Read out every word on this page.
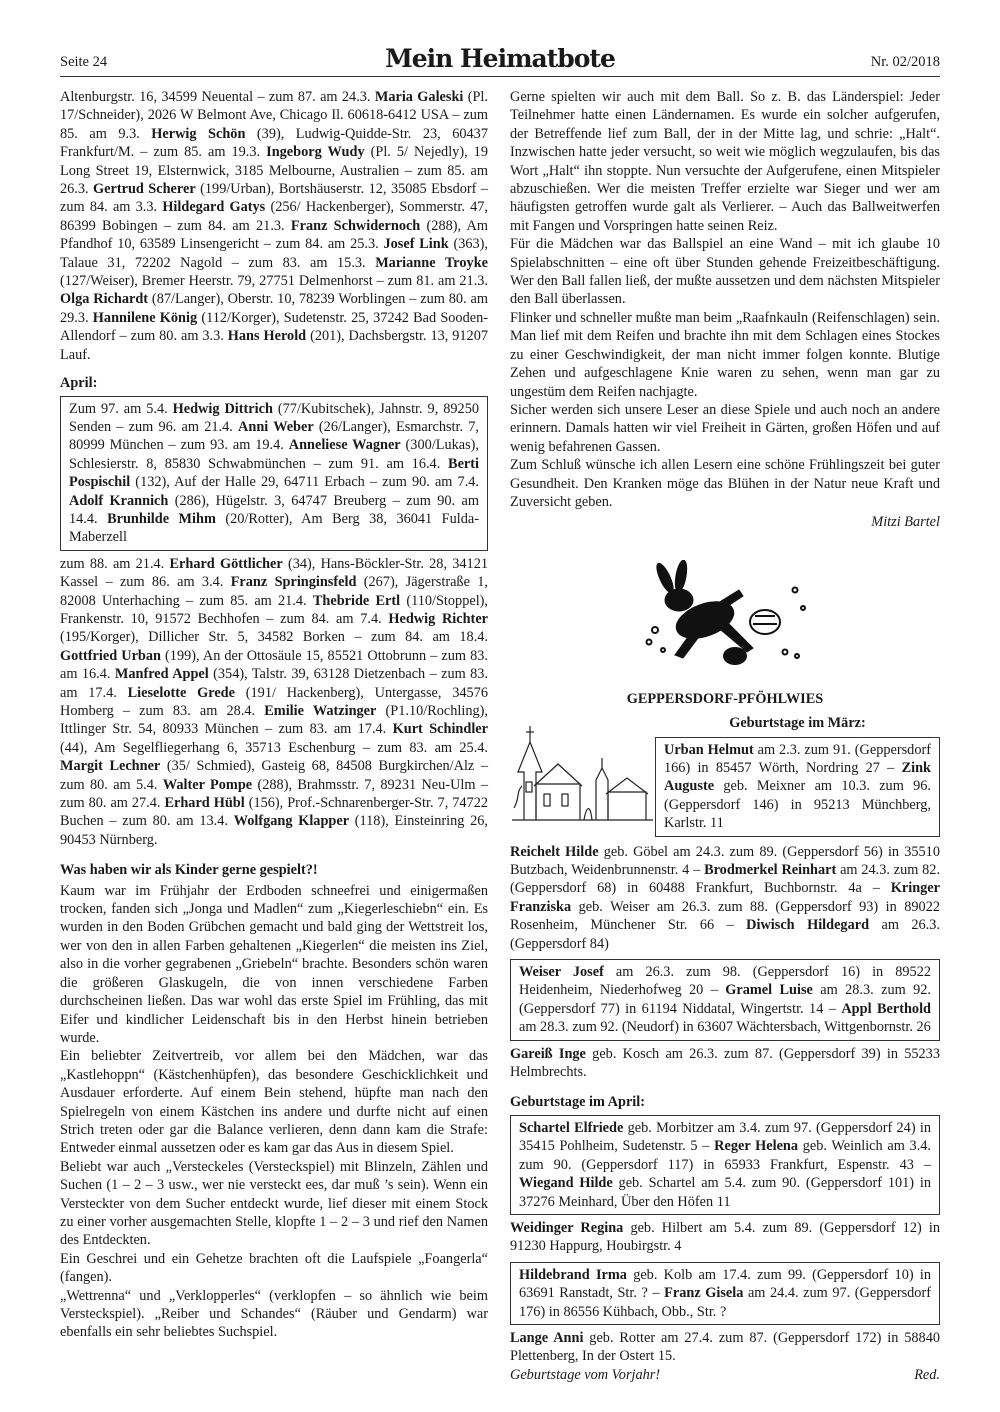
Seite 24	Mein Heimatbote	Nr. 02/2018

Altenburgstr. 16, 34599 Neuental – zum 87. am 24.3. Maria Galeski (Pl. 17/Schneider), 2026 W Belmont Ave, Chicago Il. 60618-6412 USA – zum 85. am 9.3. Herwig Schön (39), Ludwig-Quidde-Str. 23, 60437 Frankfurt/M. – zum 85. am 19.3. Ingeborg Wudy (Pl. 5/ Nejedly), 19 Long Street 19, Elsternwick, 3185 Melbourne, Australien – zum 85. am 26.3. Gertrud Scherer (199/Urban), Bortshäuserstr. 12, 35085 Ebsdorf – zum 84. am 3.3. Hildegard Gatys (256/ Hackenberger), Sommerstr. 47, 86399 Bobingen – zum 84. am 21.3. Franz Schwidernoch (288), Am Pfandhof 10, 63589 Linsengericht – zum 84. am 25.3. Josef Link (363), Talaue 31, 72202 Nagold – zum 83. am 15.3. Marianne Troyke (127/Weiser), Bremer Heerstr. 79, 27751 Delmenhorst – zum 81. am 21.3. Olga Richardt (87/Langer), Oberstr. 10, 78239 Worblingen – zum 80. am 29.3. Hannilene König (112/Korger), Sudetenstr. 25, 37242 Bad Sooden-Allendorf – zum 80. am 3.3. Hans Herold (201), Dachsbergstr. 13, 91207 Lauf.

April:

Zum 97. am 5.4. Hedwig Dittrich (77/Kubitschek), Jahnstr. 9, 89250 Senden – zum 96. am 21.4. Anni Weber (26/Langer), Esmarchstr. 7, 80999 München – zum 93. am 19.4. Anneliese Wagner (300/Lukas), Schlesierstr. 8, 85830 Schwabmünchen – zum 91. am 16.4. Berti Pospischil (132), Auf der Halle 29, 64711 Erbach – zum 90. am 7.4. Adolf Krannich (286), Hügelstr. 3, 64747 Breuberg – zum 90. am 14.4. Brunhilde Mihm (20/Rotter), Am Berg 38, 36041 Fulda-Maberzell

zum 88. am 21.4. Erhard Göttlicher (34), Hans-Böckler-Str. 28, 34121 Kassel – zum 86. am 3.4. Franz Springinsfeld (267), Jägerstraße 1, 82008 Unterhaching – zum 85. am 21.4. Thebride Ertl (110/Stoppel), Frankenstr. 10, 91572 Bechhofen – zum 84. am 7.4. Hedwig Richter (195/Korger), Dillicher Str. 5, 34582 Borken – zum 84. am 18.4. Gottfried Urban (199), An der Ottosäule 15, 85521 Ottobrunn – zum 83. am 16.4. Manfred Appel (354), Talstr. 39, 63128 Dietzenbach – zum 83. am 17.4. Lieselotte Grede (191/ Hackenberg), Untergasse, 34576 Homberg – zum 83. am 28.4. Emilie Watzinger (P1.10/Rochling), Ittlinger Str. 54, 80933 München – zum 83. am 17.4. Kurt Schindler (44), Am Segelfliegerhang 6, 35713 Eschenburg – zum 83. am 25.4. Margit Lechner (35/ Schmied), Gasteig 68, 84508 Burgkirchen/Alz – zum 80. am 5.4. Walter Pompe (288), Brahmsstr. 7, 89231 Neu-Ulm – zum 80. am 27.4. Erhard Hübl (156), Prof.-Schnarenberger-Str. 7, 74722 Buchen – zum 80. am 13.4. Wolfgang Klapper (118), Einsteinring 26, 90453 Nürnberg.

Was haben wir als Kinder gerne gespielt?!

Kaum war im Frühjahr der Erdboden schneefrei und einigermaßen trocken, fanden sich „Jonga und Madlen“ zum „Kiegerleschiebn“ ein. Es wurden in den Boden Grübchen gemacht und bald ging der Wettstreit los, wer von den in allen Farben gehaltenen „Kiegerlen“ die meisten ins Ziel, also in die vorher gegrabenen „Griebeln“ brachte. Besonders schön waren die größeren Glaskugeln, die von innen verschiedene Farben durchscheinen ließen. Das war wohl das erste Spiel im Frühling, das mit Eifer und kindlicher Leidenschaft bis in den Herbst hinein betrieben wurde.

Ein beliebter Zeitvertreib, vor allem bei den Mädchen, war das „Kastlehoppn“ (Kästchenhüpfen), das besondere Geschicklichkeit und Ausdauer erforderte. Auf einem Bein stehend, hüpfte man nach den Spielregeln von einem Kästchen ins andere und durfte nicht auf einen Strich treten oder gar die Balance verlieren, denn dann kam die Strafe: Entweder einmal aussetzen oder es kam gar das Aus in diesem Spiel.

Beliebt war auch „Versteckeles (Versteckspiel) mit Blinzeln, Zählen und Suchen (1 – 2 – 3 usw., wer nie versteckt ees, dar muß ’s sein). Wenn ein Versteckter von dem Sucher entdeckt wurde, lief dieser mit einem Stock zu einer vorher ausgemachten Stelle, klopfte 1 – 2 – 3 und rief den Namen des Entdeckten.

Ein Geschrei und ein Gehetze brachten oft die Laufspiele „Foangerla“ (fangen).

„Wettrenna“ und „Verklopperles“ (verklopfen – so ähnlich wie beim Versteckspiel). „Reiber und Schandes“ (Räuber und Gendarm) war ebenfalls ein sehr beliebtes Suchspiel.

Gerne spielten wir auch mit dem Ball. So z. B. das Länderspiel: Jeder Teilnehmer hatte einen Ländernamen. Es wurde ein solcher aufgerufen, der Betreffende lief zum Ball, der in der Mitte lag, und schrie: „Halt“. Inzwischen hatte jeder versucht, so weit wie möglich wegzulaufen, bis das Wort „Halt“ ihn stoppte. Nun versuchte der Aufgerufene, einen Mitspieler abzuschießen. Wer die meisten Treffer erzielte war Sieger und wer am häufigsten getroffen wurde galt als Verlierer. – Auch das Ballweitwerfen mit Fangen und Vorspringen hatte seinen Reiz.

Für die Mädchen war das Ballspiel an eine Wand – mit ich glaube 10 Spielabschnitten – eine oft über Stunden gehende Freizeitbeschäftigung. Wer den Ball fallen ließ, der mußte aussetzen und dem nächsten Mitspieler den Ball überlassen.

Flinker und schneller mußte man beim „Raafnkauln (Reifenschlagen) sein. Man lief mit dem Reifen und brachte ihn mit dem Schlagen eines Stockes zu einer Geschwindigkeit, der man nicht immer folgen konnte. Blutige Zehen und aufgeschlagene Knie waren zu sehen, wenn man gar zu ungestüm dem Reifen nachjagte.

Sicher werden sich unsere Leser an diese Spiele und auch noch an andere erinnern. Damals hatten wir viel Freiheit in Gärten, großen Höfen und auf wenig befahrenen Gassen.

Zum Schluß wünsche ich allen Lesern eine schöne Frühlingszeit bei guter Gesundheit. Den Kranken möge das Blühen in der Natur neue Kraft und Zuversicht geben.

Mitzi Bartel
GEPPERSDORF-PFÖHLWIES
Geburtstage im März:

Urban Helmut am 2.3. zum 91. (Geppersdorf 166) in 85457 Wörth, Nordring 27 – Zink Auguste geb. Meixner am 10.3. zum 96. (Geppersdorf 146) in 95213 Münchberg, Karlstr. 11

Reichelt Hilde geb. Göbel am 24.3. zum 89. (Geppersdorf 56) in 35510 Butzbach, Weidenbrunnenstr. 4 – Brodmerkel Reinhart am 24.3. zum 82. (Geppersdorf 68) in 60488 Frankfurt, Buchbornstr. 4a – Kringer Franziska geb. Weiser am 26.3. zum 88. (Geppersdorf 93) in 89022 Rosenheim, Münchener Str. 66 – Diwisch Hildegard am 26.3. (Geppersdorf 84)

Weiser Josef am 26.3. zum 98. (Geppersdorf 16) in 89522 Heidenheim, Niederhofweg 20 – Gramel Luise am 28.3. zum 92. (Geppersdorf 77) in 61194 Niddatal, Wingertstr. 14 – Appl Berthold am 28.3. zum 92. (Neudorf) in 63607 Wächtersbach, Wittgenbornstr. 26

Gareiß Inge geb. Kosch am 26.3. zum 87. (Geppersdorf 39) in 55233 Helmbrechts.

Geburtstage im April:

Schartel Elfriede geb. Morbitzer am 3.4. zum 97. (Geppersdorf 24) in 35415 Pohlheim, Sudetenstr. 5 – Reger Helena geb. Weinlich am 3.4. zum 90. (Geppersdorf 117) in 65933 Frankfurt, Espenstr. 43 – Wiegand Hilde geb. Schartel am 5.4. zum 90. (Geppersdorf 101) in 37276 Meinhard, Über den Höfen 11

Weidinger Regina geb. Hilbert am 5.4. zum 89. (Geppersdorf 12) in 91230 Happurg, Houbirgstr. 4

Hildebrand Irma geb. Kolb am 17.4. zum 99. (Geppersdorf 10) in 63691 Ranstadt, Str. ? – Franz Gisela am 24.4. zum 97. (Geppersdorf 176) in 86556 Kühbach, Obb., Str. ?

Lange Anni geb. Rotter am 27.4. zum 87. (Geppersdorf 172) in 58840 Plettenberg, In der Ostert 15.

Geburtstage vom Vorjahr!	Red.
